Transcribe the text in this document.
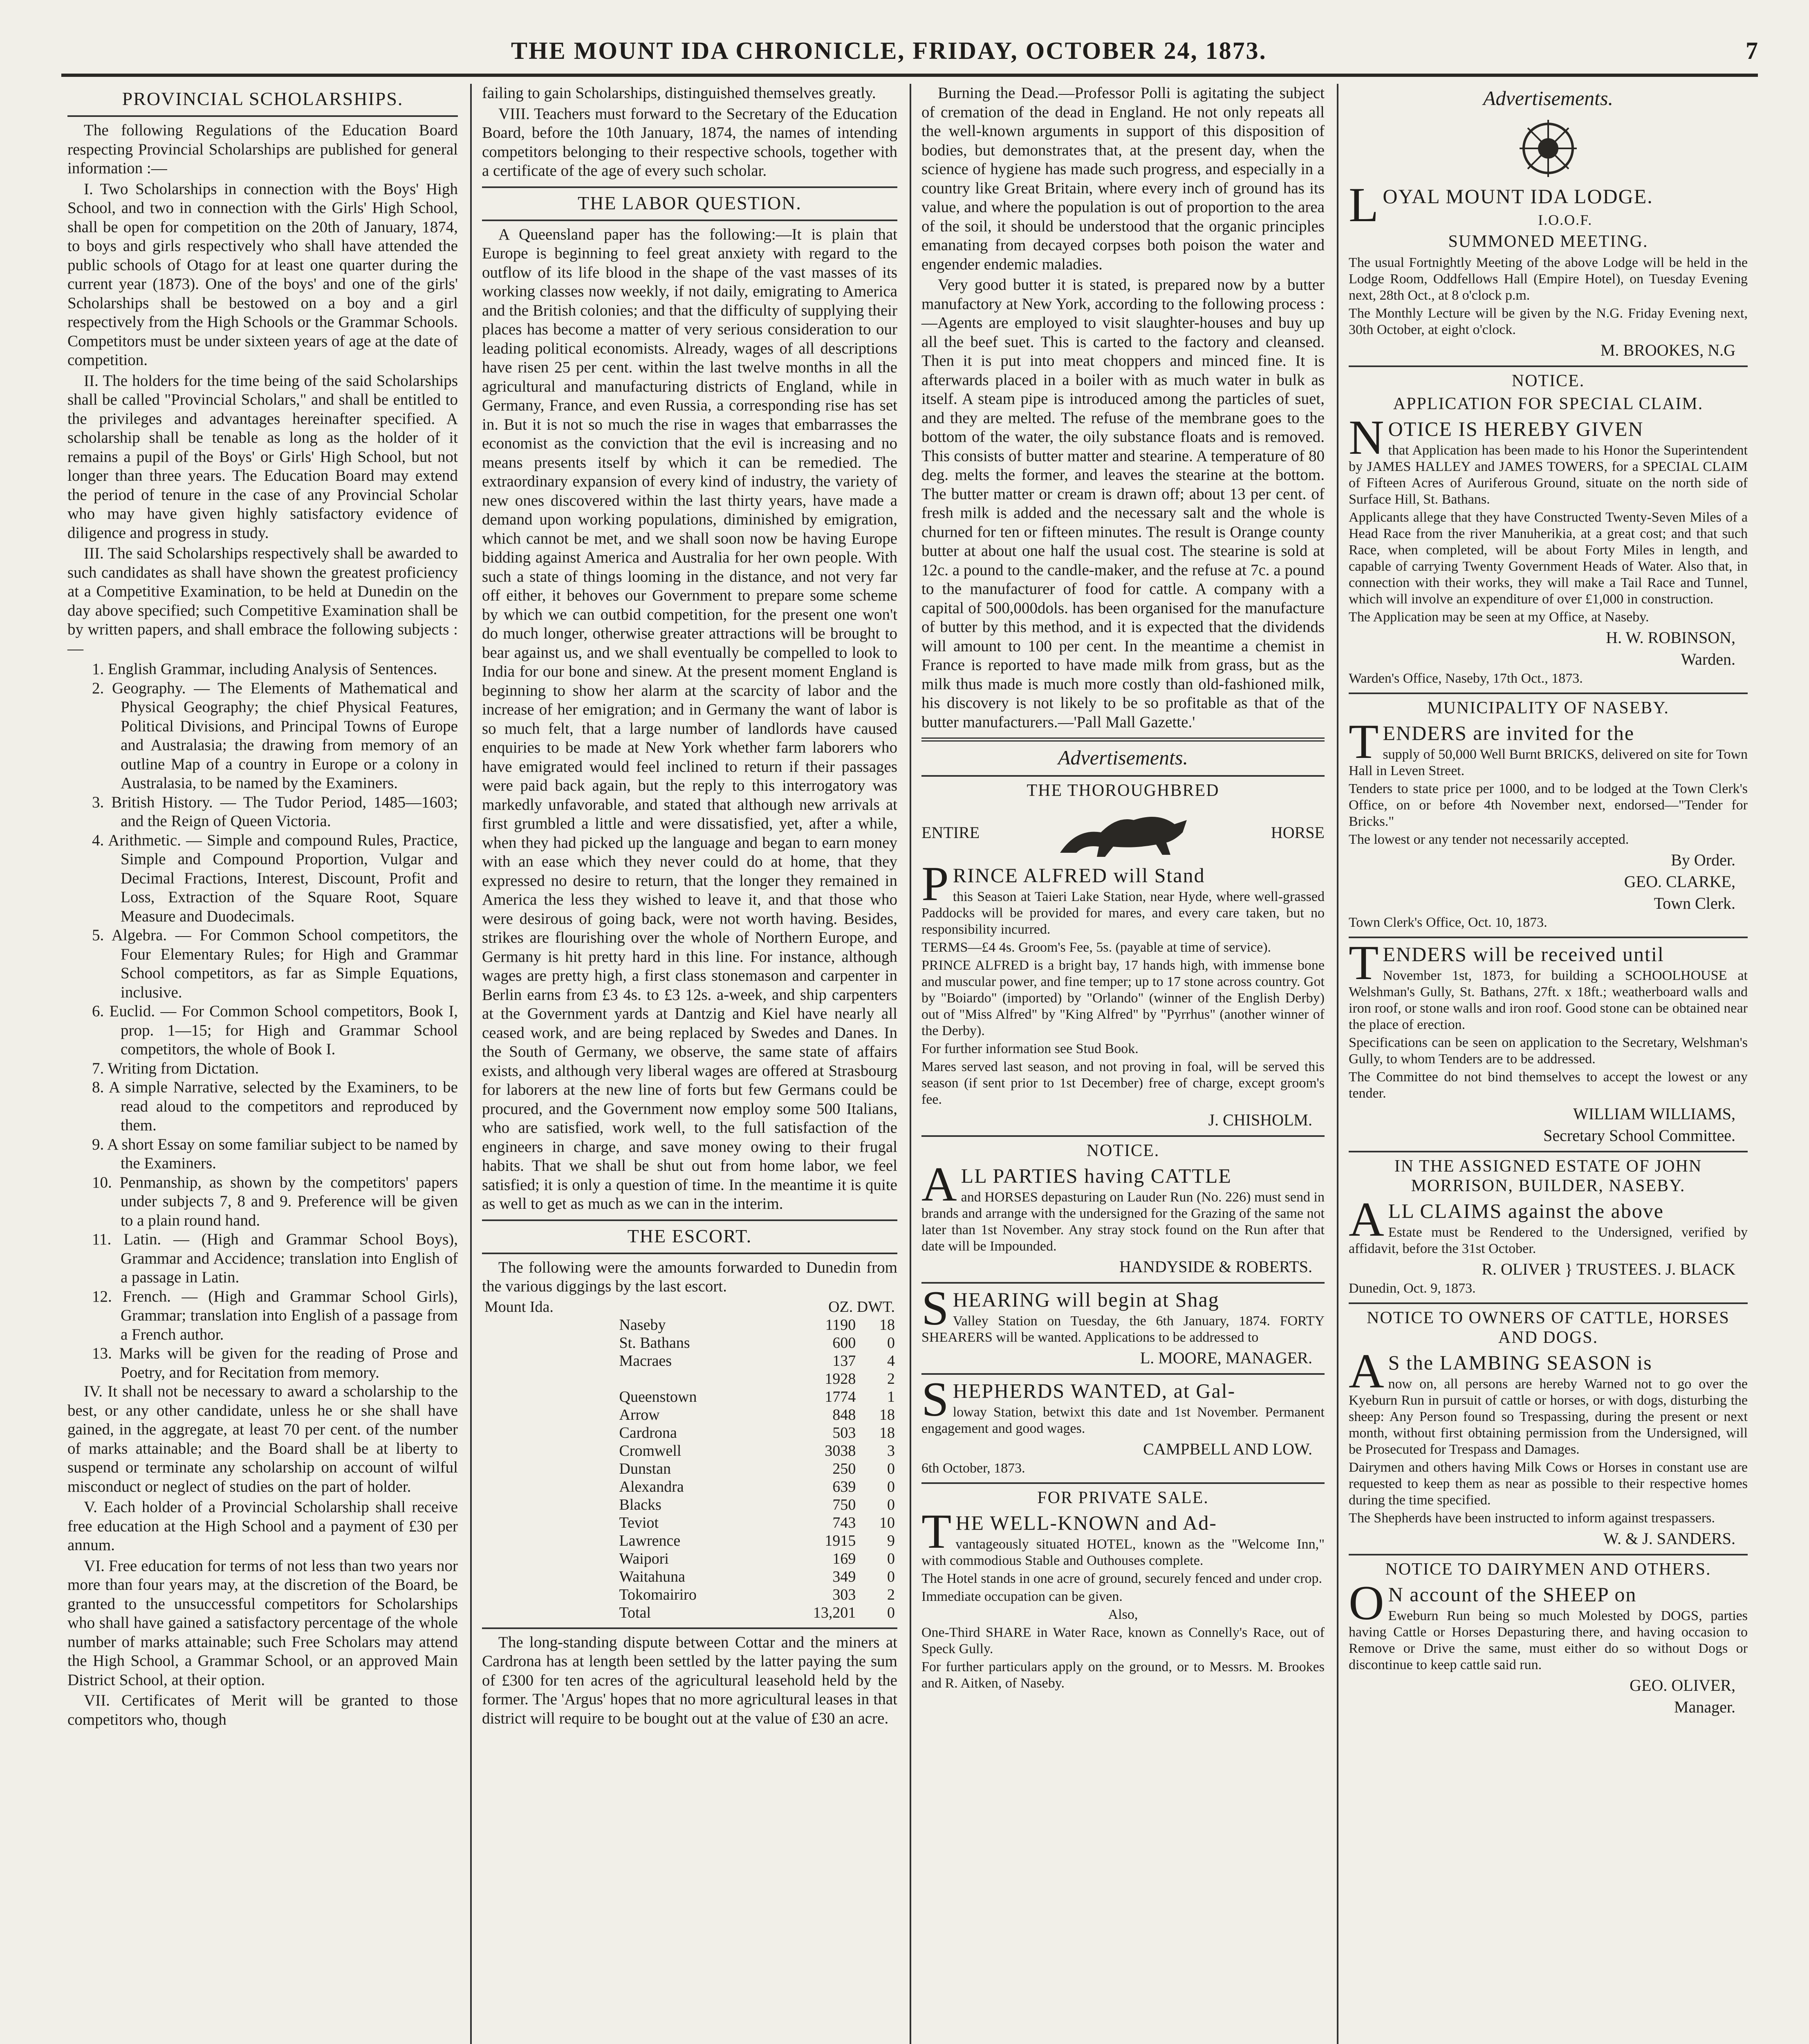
THE MOUNT IDA CHRONICLE, FRIDAY, OCTOBER 24, 1873.	7
PROVINCIAL SCHOLARSHIPS.

The following Regulations of the Education Board respecting Provincial Scholarships are published for general information :—

I. Two Scholarships in connection with the Boys' High School, and two in connection with the Girls' High School, shall be open for competition on the 20th of January, 1874, to boys and girls respectively who shall have attended the public schools of Otago for at least one quarter during the current year (1873). One of the boys' and one of the girls' Scholarships shall be bestowed on a boy and a girl respectively from the High Schools or the Grammar Schools. Competitors must be under sixteen years of age at the date of competition.

II. The holders for the time being of the said Scholarships shall be called "Provincial Scholars," and shall be entitled to the privileges and advantages hereinafter specified. A scholarship shall be tenable as long as the holder of it remains a pupil of the Boys' or Girls' High School, but not longer than three years. The Education Board may extend the period of tenure in the case of any Provincial Scholar who may have given highly satisfactory evidence of diligence and progress in study.

III. The said Scholarships respectively shall be awarded to such candidates as shall have shown the greatest proficiency at a Competitive Examination, to be held at Dunedin on the day above specified; such Competitive Examination shall be by written papers, and shall embrace the following subjects :—

1. English Grammar, including Analysis of Sentences.

2. Geography. — The Elements of Mathematical and Physical Geography; the chief Physical Features, Political Divisions, and Principal Towns of Europe and Australasia; the drawing from memory of an outline Map of a country in Europe or a colony in Australasia, to be named by the Examiners.

3. British History. — The Tudor Period, 1485—1603; and the Reign of Queen Victoria.

4. Arithmetic. — Simple and compound Rules, Practice, Simple and Compound Proportion, Vulgar and Decimal Fractions, Interest, Discount, Profit and Loss, Extraction of the Square Root, Square Measure and Duodecimals.

5. Algebra. — For Common School competitors, the Four Elementary Rules; for High and Grammar School competitors, as far as Simple Equations, inclusive.

6. Euclid. — For Common School competitors, Book I, prop. 1—15; for High and Grammar School competitors, the whole of Book I.

7. Writing from Dictation.

8. A simple Narrative, selected by the Examiners, to be read aloud to the competitors and reproduced by them.

9. A short Essay on some familiar subject to be named by the Examiners.

10. Penmanship, as shown by the competitors' papers under subjects 7, 8 and 9. Preference will be given to a plain round hand.

11. Latin. — (High and Grammar School Boys), Grammar and Accidence; translation into English of a passage in Latin.

12. French. — (High and Grammar School Girls), Grammar; translation into English of a passage from a French author.

13. Marks will be given for the reading of Prose and Poetry, and for Recitation from memory.

IV. It shall not be necessary to award a scholarship to the best, or any other candidate, unless he or she shall have gained, in the aggregate, at least 70 per cent. of the number of marks attainable; and the Board shall be at liberty to suspend or terminate any scholarship on account of wilful misconduct or neglect of studies on the part of holder.

V. Each holder of a Provincial Scholarship shall receive free education at the High School and a payment of £30 per annum.

VI. Free education for terms of not less than two years nor more than four years may, at the discretion of the Board, be granted to the unsuccessful competitors for Scholarships who shall have gained a satisfactory percentage of the whole number of marks attainable; such Free Scholars may attend the High School, a Grammar School, or an approved Main District School, at their option.

VII. Certificates of Merit will be granted to those competitors who, though

failing to gain Scholarships, distinguished themselves greatly.

VIII. Teachers must forward to the Secretary of the Education Board, before the 10th January, 1874, the names of intending competitors belonging to their respective schools, together with a certificate of the age of every such scholar.

THE LABOR QUESTION.

A Queensland paper has the following:—It is plain that Europe is beginning to feel great anxiety with regard to the outflow of its life blood in the shape of the vast masses of its working classes now weekly, if not daily, emigrating to America and the British colonies; and that the difficulty of supplying their places has become a matter of very serious consideration to our leading political economists. Already, wages of all descriptions have risen 25 per cent. within the last twelve months in all the agricultural and manufacturing districts of England, while in Germany, France, and even Russia, a corresponding rise has set in. But it is not so much the rise in wages that embarrasses the economist as the conviction that the evil is increasing and no means presents itself by which it can be remedied. The extraordinary expansion of every kind of industry, the variety of new ones discovered within the last thirty years, have made a demand upon working populations, diminished by emigration, which cannot be met, and we shall soon now be having Europe bidding against America and Australia for her own people. With such a state of things looming in the distance, and not very far off either, it behoves our Government to prepare some scheme by which we can outbid competition, for the present one won't do much longer, otherwise greater attractions will be brought to bear against us, and we shall eventually be compelled to look to India for our bone and sinew. At the present moment England is beginning to show her alarm at the scarcity of labor and the increase of her emigration; and in Germany the want of labor is so much felt, that a large number of landlords have caused enquiries to be made at New York whether farm laborers who have emigrated would feel inclined to return if their passages were paid back again, but the reply to this interrogatory was markedly unfavorable, and stated that although new arrivals at first grumbled a little and were dissatisfied, yet, after a while, when they had picked up the language and began to earn money with an ease which they never could do at home, that they expressed no desire to return, that the longer they remained in America the less they wished to leave it, and that those who were desirous of going back, were not worth having. Besides, strikes are flourishing over the whole of Northern Europe, and Germany is hit pretty hard in this line. For instance, although wages are pretty high, a first class stonemason and carpenter in Berlin earns from £3 4s. to £3 12s. a-week, and ship carpenters at the Government yards at Dantzig and Kiel have nearly all ceased work, and are being replaced by Swedes and Danes. In the South of Germany, we observe, the same state of affairs exists, and although very liberal wages are offered at Strasbourg for laborers at the new line of forts but few Germans could be procured, and the Government now employ some 500 Italians, who are satisfied, work well, to the full satisfaction of the engineers in charge, and save money owing to their frugal habits. That we shall be shut out from home labor, we feel satisfied; it is only a question of time. In the meantime it is quite as well to get as much as we can in the interim.

THE ESCORT.

The following were the amounts forwarded to Dunedin from the various diggings by the last escort.

Mount Ida.		OZ. DWT.	
	Naseby	1190	18
	St. Bathans	600	0
	Macraes	137	4
		1928	2
	Queenstown	1774	1
	Arrow	848	18
	Cardrona	503	18
	Cromwell	3038	3
	Dunstan	250	0
	Alexandra	639	0
	Blacks	750	0
	Teviot	743	10
	Lawrence	1915	9
	Waipori	169	0
	Waitahuna	349	0
	Tokomairiro	303	2
	Total	13,201	0

The long-standing dispute between Cottar and the miners at Cardrona has at length been settled by the latter paying the sum of £300 for ten acres of the agricultural leasehold held by the former. The 'Argus' hopes that no more agricultural leases in that district will require to be bought out at the value of £30 an acre.

Burning the Dead.—Professor Polli is agitating the subject of cremation of the dead in England. He not only repeats all the well-known arguments in support of this disposition of bodies, but demonstrates that, at the present day, when the science of hygiene has made such progress, and especially in a country like Great Britain, where every inch of ground has its value, and where the population is out of proportion to the area of the soil, it should be understood that the organic principles emanating from decayed corpses both poison the water and engender endemic maladies.

Very good butter it is stated, is prepared now by a butter manufactory at New York, according to the following process :—Agents are employed to visit slaughter-houses and buy up all the beef suet. This is carted to the factory and cleansed. Then it is put into meat choppers and minced fine. It is afterwards placed in a boiler with as much water in bulk as itself. A steam pipe is introduced among the particles of suet, and they are melted. The refuse of the membrane goes to the bottom of the water, the oily substance floats and is removed. This consists of butter matter and stearine. A temperature of 80 deg. melts the former, and leaves the stearine at the bottom. The butter matter or cream is drawn off; about 13 per cent. of fresh milk is added and the necessary salt and the whole is churned for ten or fifteen minutes. The result is Orange county butter at about one half the usual cost. The stearine is sold at 12c. a pound to the candle-maker, and the refuse at 7c. a pound to the manufacturer of food for cattle. A company with a capital of 500,000dols. has been organised for the manufacture of butter by this method, and it is expected that the dividends will amount to 100 per cent. In the meantime a chemist in France is reported to have made milk from grass, but as the milk thus made is much more costly than old-fashioned milk, his discovery is not likely to be so profitable as that of the butter manufacturers.—'Pall Mall Gazette.'

Advertisements.
THE THOROUGHBRED
ENTIRE	HORSE
PRINCE ALFRED will Stand

this Season at Taieri Lake Station, near Hyde, where well-grassed Paddocks will be provided for mares, and every care taken, but no responsibility incurred.

TERMS—£4 4s. Groom's Fee, 5s. (payable at time of service).

PRINCE ALFRED is a bright bay, 17 hands high, with immense bone and muscular power, and fine temper; up to 17 stone across country. Got by "Boiardo" (imported) by "Orlando" (winner of the English Derby) out of "Miss Alfred" by "King Alfred" by "Pyrrhus" (another winner of the Derby).

For further information see Stud Book.

Mares served last season, and not proving in foal, will be served this season (if sent prior to 1st December) free of charge, except groom's fee.

J. CHISHOLM.
NOTICE.
ALL PARTIES having CATTLE

and HORSES depasturing on Lauder Run (No. 226) must send in brands and arrange with the undersigned for the Grazing of the same not later than 1st November. Any stray stock found on the Run after that date will be Impounded.

HANDYSIDE & ROBERTS.
SHEARING will begin at Shag

Valley Station on Tuesday, the 6th January, 1874. FORTY SHEARERS will be wanted. Applications to be addressed to

L. MOORE, MANAGER.
SHEPHERDS WANTED, at Gal-

loway Station, betwixt this date and 1st November. Permanent engagement and good wages.

CAMPBELL AND LOW.

6th October, 1873.

FOR PRIVATE SALE.
THE WELL-KNOWN and Ad-

vantageously situated HOTEL, known as the "Welcome Inn," with commodious Stable and Outhouses complete.

The Hotel stands in one acre of ground, securely fenced and under crop.

Immediate occupation can be given.

Also,

One-Third SHARE in Water Race, known as Connelly's Race, out of Speck Gully.

For further particulars apply on the ground, or to Messrs. M. Brookes and R. Aitken, of Naseby.

Advertisements.
LOYAL MOUNT IDA LODGE.
I.O.O.F.
SUMMONED MEETING.

The usual Fortnightly Meeting of the above Lodge will be held in the Lodge Room, Oddfellows Hall (Empire Hotel), on Tuesday Evening next, 28th Oct., at 8 o'clock p.m.

The Monthly Lecture will be given by the N.G. Friday Evening next, 30th October, at eight o'clock.

M. BROOKES, N.G
NOTICE.
APPLICATION FOR SPECIAL CLAIM.
NOTICE IS HEREBY GIVEN

that Application has been made to his Honor the Superintendent by JAMES HALLEY and JAMES TOWERS, for a SPECIAL CLAIM of Fifteen Acres of Auriferous Ground, situate on the north side of Surface Hill, St. Bathans.

Applicants allege that they have Constructed Twenty-Seven Miles of a Head Race from the river Manuherikia, at a great cost; and that such Race, when completed, will be about Forty Miles in length, and capable of carrying Twenty Government Heads of Water. Also that, in connection with their works, they will make a Tail Race and Tunnel, which will involve an expenditure of over £1,000 in construction.

The Application may be seen at my Office, at Naseby.

H. W. ROBINSON,
Warden.

Warden's Office, Naseby, 17th Oct., 1873.

MUNICIPALITY OF NASEBY.
TENDERS are invited for the

supply of 50,000 Well Burnt BRICKS, delivered on site for Town Hall in Leven Street.

Tenders to state price per 1000, and to be lodged at the Town Clerk's Office, on or before 4th November next, endorsed—"Tender for Bricks."

The lowest or any tender not necessarily accepted.

By Order.
GEO. CLARKE,
Town Clerk.

Town Clerk's Office, Oct. 10, 1873.

TENDERS will be received until

November 1st, 1873, for building a SCHOOLHOUSE at Welshman's Gully, St. Bathans, 27ft. x 18ft.; weatherboard walls and iron roof, or stone walls and iron roof. Good stone can be obtained near the place of erection.

Specifications can be seen on application to the Secretary, Welshman's Gully, to whom Tenders are to be addressed.

The Committee do not bind themselves to accept the lowest or any tender.

WILLIAM WILLIAMS,
Secretary School Committee.
IN THE ASSIGNED ESTATE OF JOHN MORRISON, BUILDER, NASEBY.
ALL CLAIMS against the above

Estate must be Rendered to the Undersigned, verified by affidavit, before the 31st October.

R. OLIVER } TRUSTEES. J. BLACK

Dunedin, Oct. 9, 1873.

NOTICE TO OWNERS OF CATTLE, HORSES AND DOGS.
A S the LAMBING SEASON is

now on, all persons are hereby Warned not to go over the Kyeburn Run in pursuit of cattle or horses, or with dogs, disturbing the sheep: Any Person found so Trespassing, during the present or next month, without first obtaining permission from the Undersigned, will be Prosecuted for Trespass and Damages.

Dairymen and others having Milk Cows or Horses in constant use are requested to keep them as near as possible to their respective homes during the time specified.

The Shepherds have been instructed to inform against trespassers.

W. & J. SANDERS.
NOTICE TO DAIRYMEN AND OTHERS.
O N account of the SHEEP on

Eweburn Run being so much Molested by DOGS, parties having Cattle or Horses Depasturing there, and having occasion to Remove or Drive the same, must either do so without Dogs or discontinue to keep cattle said run.

GEO. OLIVER,
Manager.
